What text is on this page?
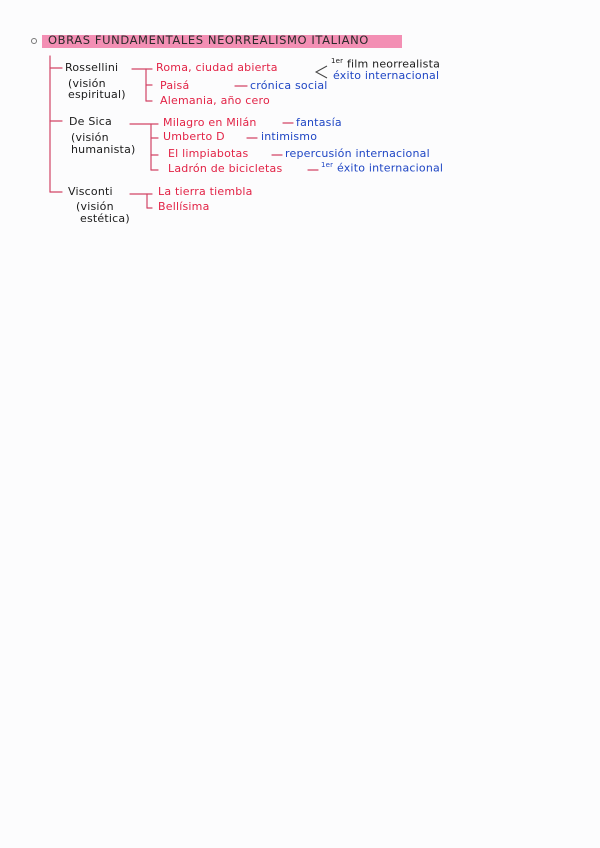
OBRAS FUNDAMENTALES NEORREALISMO ITALIANO
Rossellini
(visión
espiritual)
Roma, ciudad abierta
Paisá	crónica social
Alemania, año cero
$^{1er}$ film neorrealista
éxito internacional
De Sica
(visión
humanista)
Milagro en Milán	fantasía
Umberto D	intimismo
El limpiabotas	repercusión internacional
Ladrón de bicicletas	$^{1er}$ éxito internacional
Visconti
(visión
estética)
La tierra tiembla
Bellísima
